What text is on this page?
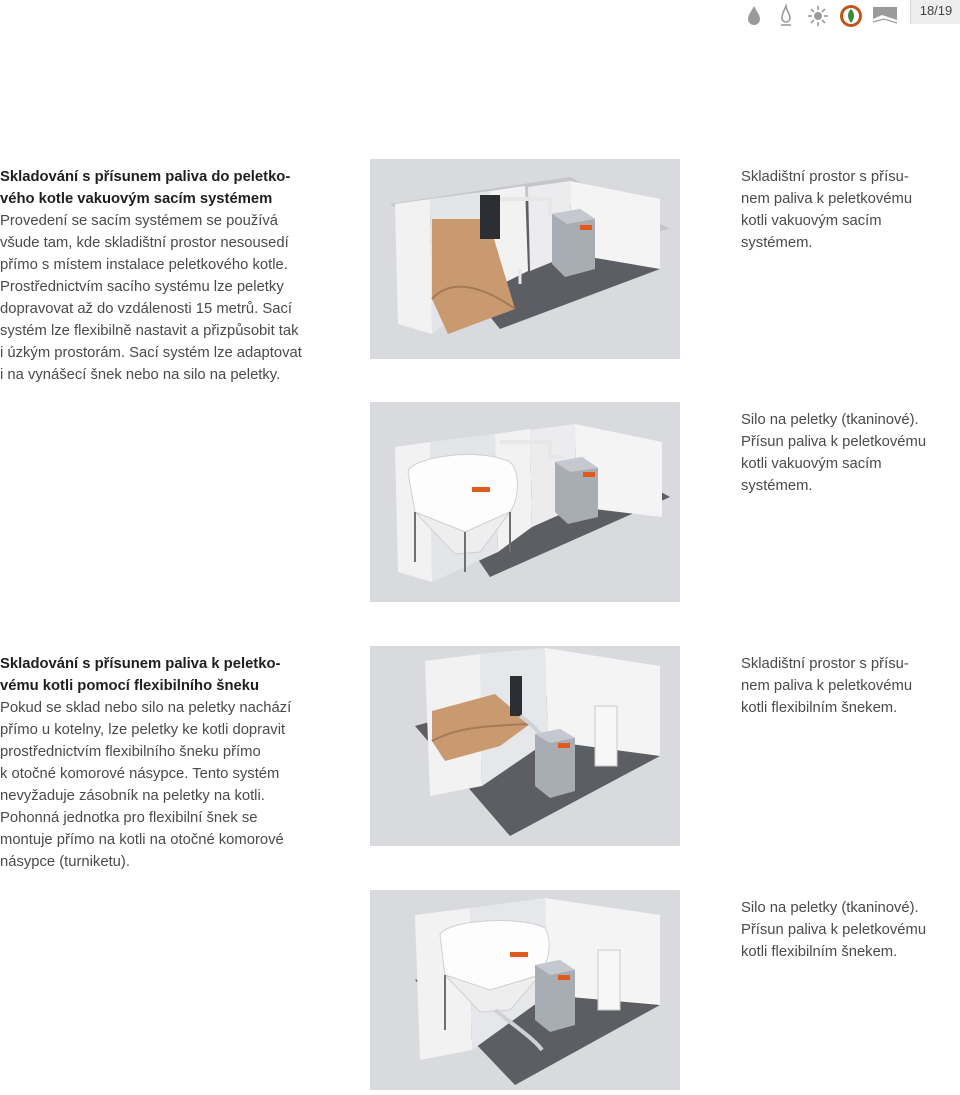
18/19
Skladování s přísunem paliva do peletko-
vého kotle vakuovým sacím systémem
Provedení se sacím systémem se používá
všude tam, kde skladištní prostor nesousedí
přímo s místem instalace peletkového kotle.
Prostřednictvím sacího systému lze peletky
dopravovat až do vzdálenosti 15 metrů. Sací
systém lze flexibilně nastavit a přizpůsobit tak
i úzkým prostorám. Sací systém lze adaptovat
i na vynášecí šnek nebo na silo na peletky.
Skladištní prostor s přísu-
nem paliva k peletkovému
kotli vakuovým sacím
systémem.
Silo na peletky (tkaninové).
Přísun paliva k peletkovému
kotli vakuovým sacím
systémem.
Skladování s přísunem paliva k peletko-
vému kotli pomocí flexibilního šneku
Pokud se sklad nebo silo na peletky nachází
přímo u kotelny, lze peletky ke kotli dopravit
prostřednictvím flexibilního šneku přímo
k otočné komorové násypce. Tento systém
nevyžaduje zásobník na peletky na kotli.
Pohonná jednotka pro flexibilní šnek se
montuje přímo na kotli na otočné komorové
násypce (turniketu).
Skladištní prostor s přísu-
nem paliva k peletkovému
kotli flexibilním šnekem.
Silo na peletky (tkaninové).
Přísun paliva k peletkovému
kotli flexibilním šnekem.
